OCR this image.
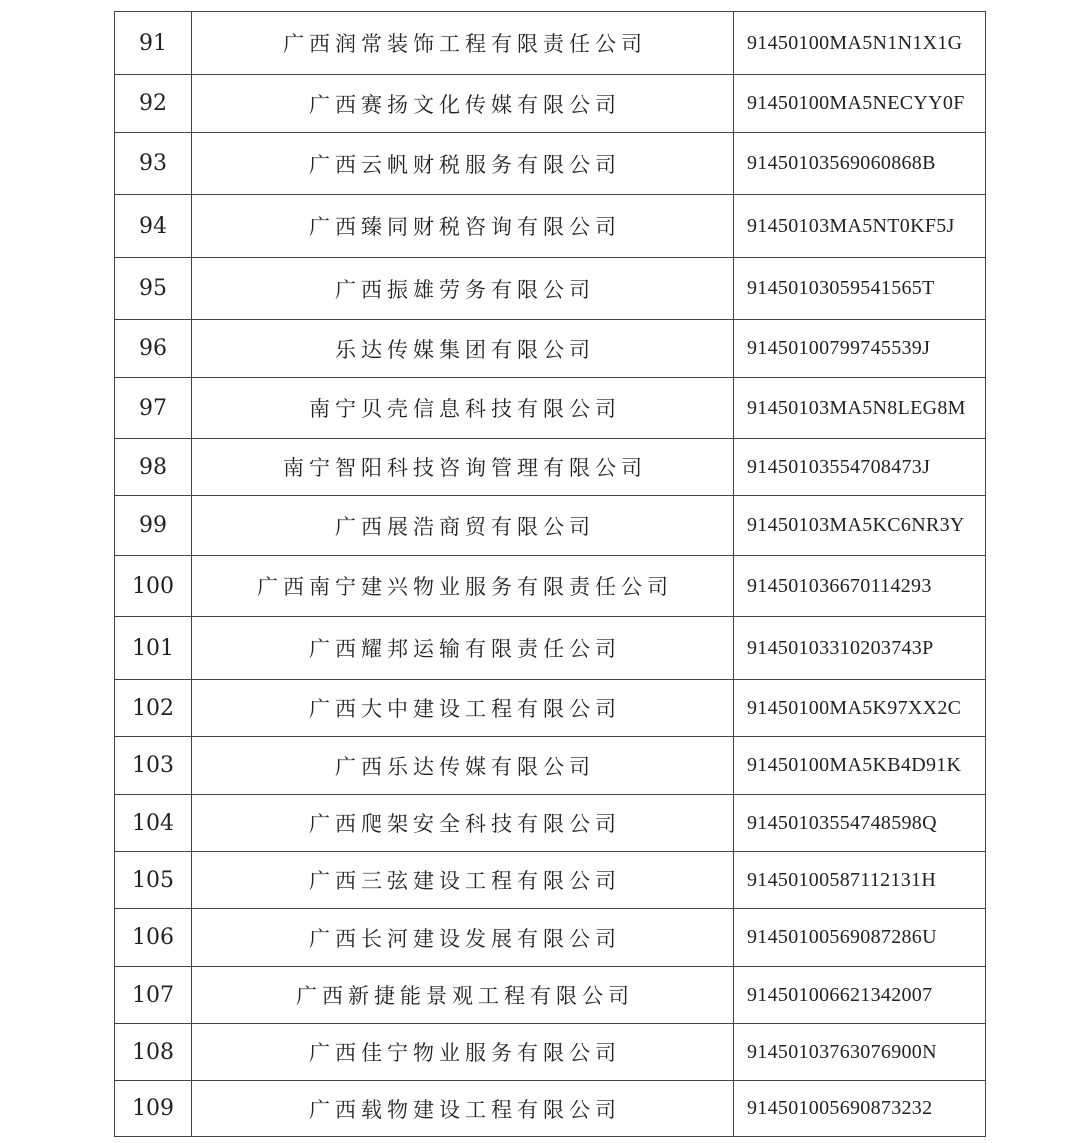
91	广西润常装饰工程有限责任公司	91450100MA5N1N1X1G
92	广西赛扬文化传媒有限公司	91450100MA5NECYY0F
93	广西云帆财税服务有限公司	91450103569060868B
94	广西臻同财税咨询有限公司	91450103MA5NT0KF5J
95	广西振雄劳务有限公司	91450103059541565T
96	乐达传媒集团有限公司	91450100799745539J
97	南宁贝壳信息科技有限公司	91450103MA5N8LEG8M
98	南宁智阳科技咨询管理有限公司	91450103554708473J
99	广西展浩商贸有限公司	91450103MA5KC6NR3Y
100	广西南宁建兴物业服务有限责任公司	914501036670114293
101	广西耀邦运输有限责任公司	91450103310203743P
102	广西大中建设工程有限公司	91450100MA5K97XX2C
103	广西乐达传媒有限公司	91450100MA5KB4D91K
104	广西爬架安全科技有限公司	91450103554748598Q
105	广西三弦建设工程有限公司	91450100587112131H
106	广西长河建设发展有限公司	91450100569087286U
107	广西新捷能景观工程有限公司	914501006621342007
108	广西佳宁物业服务有限公司	91450103763076900N
109	广西载物建设工程有限公司	914501005690873232
